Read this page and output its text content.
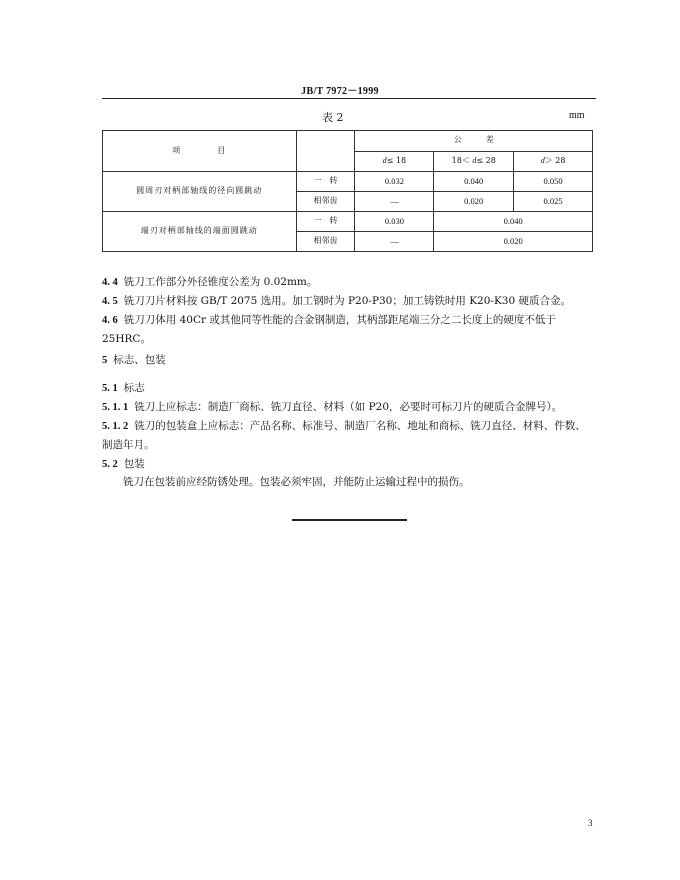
JB/T 7972－1999
表 2	mm
项　　　　目		公　　　差		
		d≤ 18	18＜ d≤ 28	d＞ 28
圆周刃对柄部轴线的径向圆跳动	一　转	0.032	0.040	0.050
	相邻齿	—	0.020	0.025
端刃对柄部轴线的端面圆跳动	一　转	0.030	0.040	
	相邻齿	—	0.020	

4. 4 铣刀工作部分外径锥度公差为 0.02mm。

4. 5 铣刀刀片材料按 GB/T 2075 选用。加工钢时为 P20-P30；加工铸铁时用 K20-K30 硬质合金。

4. 6 铣刀刀体用 40Cr 或其他同等性能的合金钢制造，其柄部距尾端三分之二长度上的硬度不低于 25HRC。

5 标志、包装

5. 1 标志

5. 1. 1 铣刀上应标志：制造厂商标、铣刀直径、材料（如 P20，必要时可标刀片的硬质合金牌号）。

5. 1. 2 铣刀的包装盒上应标志：产品名称、标准号、制造厂名称、地址和商标、铣刀直径、材料、件数、制造年月。

5. 2 包装

铣刀在包装前应经防锈处理。包装必须牢固，并能防止运输过程中的损伤。

3
